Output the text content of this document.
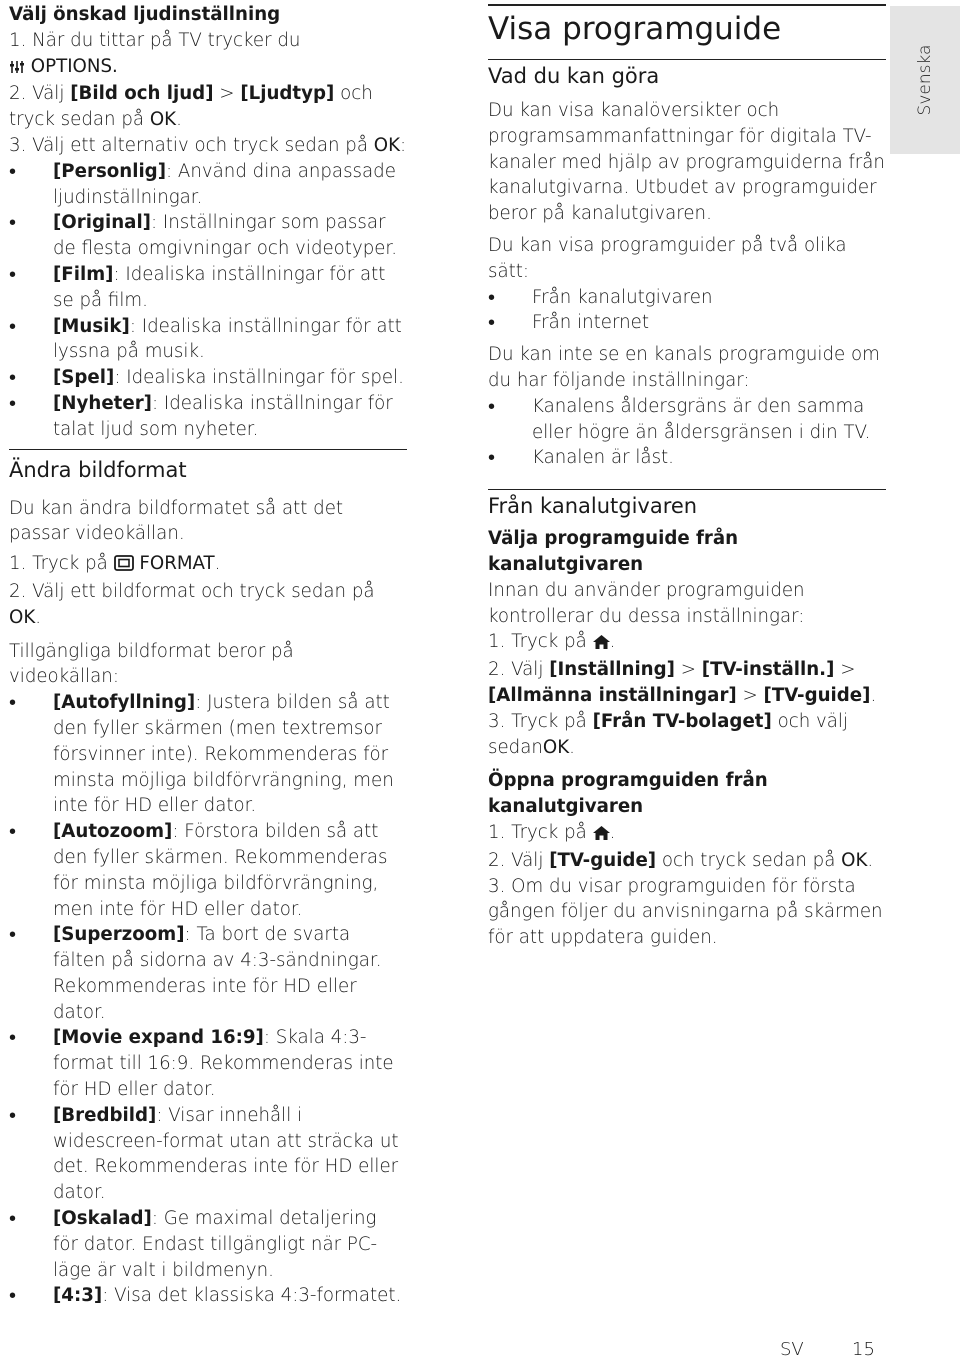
Svenska

Välj önskad ljudinställning

1. När du tittar på TV trycker du
OPTIONS.

2. Välj [Bild och ljud] > [Ljudtyp] och tryck sedan på OK.

3. Välj ett alternativ och tryck sedan på OK:

• [Personlig]: Använd dina anpassade ljudinställningar.
• [Original]: Inställningar som passar de flesta omgivningar och videotyper.
• [Film]: Idealiska inställningar för att se på film.
• [Musik]: Idealiska inställningar för att lyssna på musik.
• [Spel]: Idealiska inställningar för spel.
• [Nyheter]: Idealiska inställningar för talat ljud som nyheter.
Ändra bildformat

Du kan ändra bildformatet så att det passar videokällan.

1. Tryck på FORMAT.

2. Välj ett bildformat och tryck sedan på OK.

Tillgängliga bildformat beror på videokällan:

• [Autofyllning]: Justera bilden så att den fyller skärmen (men textremsor försvinner inte). Rekommenderas för minsta möjliga bildförvrängning, men inte för HD eller dator.
• [Autozoom]: Förstora bilden så att den fyller skärmen. Rekommenderas för minsta möjliga bildförvrängning, men inte för HD eller dator.
• [Superzoom]: Ta bort de svarta fälten på sidorna av 4:3-sändningar. Rekommenderas inte för HD eller dator.
• [Movie expand 16:9]: Skala 4:3-format till 16:9. Rekommenderas inte för HD eller dator.
• [Bredbild]: Visar innehåll i widescreen-format utan att sträcka ut det. Rekommenderas inte för HD eller dator.
• [Oskalad]: Ge maximal detaljering för dator. Endast tillgängligt när PC-läge är valt i bildmenyn.
• [4:3]: Visa det klassiska 4:3-formatet.
Visa programguide
Vad du kan göra

Du kan visa kanalöversikter och programsammanfattningar för digitala TV-kanaler med hjälp av programguiderna från kanalutgivarna. Utbudet av programguider beror på kanalutgivaren.

Du kan visa programguider på två olika sätt:

• Från kanalutgivaren
• Från internet

Du kan inte se en kanals programguide om du har följande inställningar:

• Kanalens åldersgräns är den samma eller högre än åldersgränsen i din TV.
• Kanalen är låst.
Från kanalutgivaren

Välja programguide från kanalutgivaren

Innan du använder programguiden kontrollerar du dessa inställningar:

1. Tryck på .

2. Välj [Inställning] > [TV-inställn.] > [Allmänna inställningar] > [TV-guide].

3. Tryck på [Från TV-bolaget] och välj sedanOK.

Öppna programguiden från kanalutgivaren

1. Tryck på .

2. Välj [TV-guide] och tryck sedan på OK.

3. Om du visar programguiden för första gången följer du anvisningarna på skärmen för att uppdatera guiden.

SV	15
